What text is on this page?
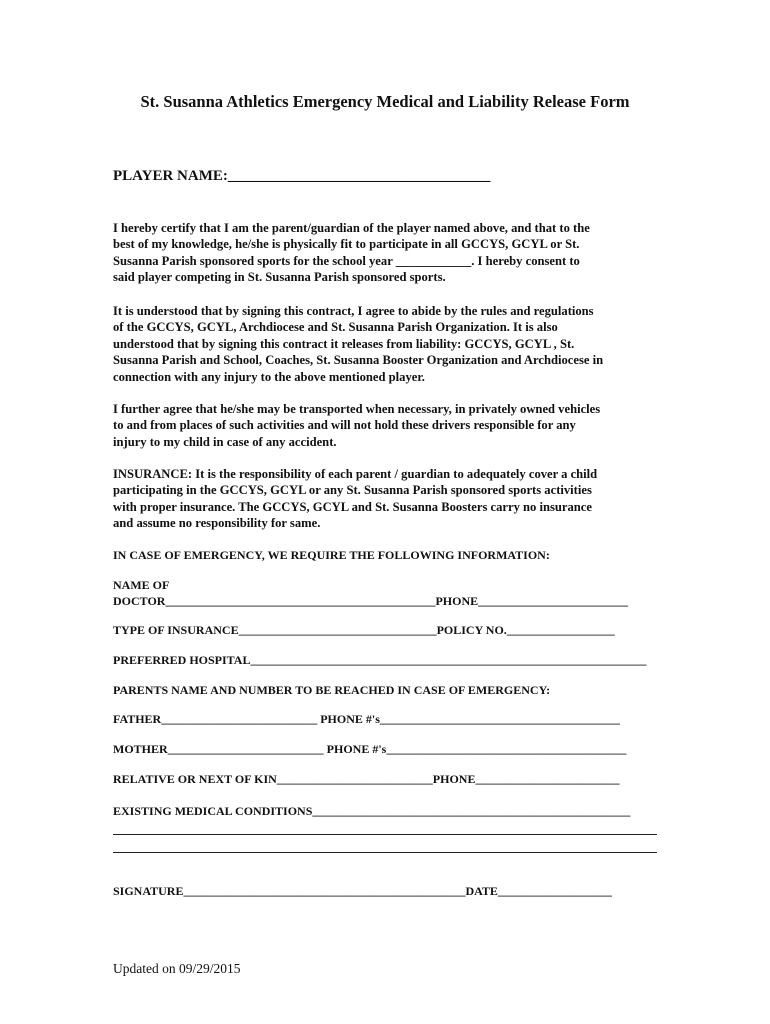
St. Susanna Athletics Emergency Medical and Liability Release Form
PLAYER NAME:___________________________________

I hereby certify that I am the parent/guardian of the player named above, and that to the
best of my knowledge, he/she is physically fit to participate in all GCCYS, GCYL or St.
Susanna Parish sponsored sports for the school year ____________. I hereby consent to
said player competing in St. Susanna Parish sponsored sports.

It is understood that by signing this contract, I agree to abide by the rules and regulations
of the GCCYS, GCYL, Archdiocese and St. Susanna Parish Organization. It is also
understood that by signing this contract it releases from liability: GCCYS, GCYL , St.
Susanna Parish and School, Coaches, St. Susanna Booster Organization and Archdiocese in
connection with any injury to the above mentioned player.

I further agree that he/she may be transported when necessary, in privately owned vehicles
to and from places of such activities and will not hold these drivers responsible for any
injury to my child in case of any accident.

INSURANCE: It is the responsibility of each parent / guardian to adequately cover a child
participating in the GCCYS, GCYL or any St. Susanna Parish sponsored sports activities
with proper insurance. The GCCYS, GCYL and St. Susanna Boosters carry no insurance
and assume no responsibility for same.

IN CASE OF EMERGENCY, WE REQUIRE THE FOLLOWING INFORMATION:
NAME OF
DOCTOR_____________________________________________PHONE_________________________
TYPE OF INSURANCE_________________________________POLICY NO.__________________
PREFERRED HOSPITAL__________________________________________________________________
PARENTS NAME AND NUMBER TO BE REACHED IN CASE OF EMERGENCY:
FATHER__________________________ PHONE #'s________________________________________
MOTHER__________________________ PHONE #'s________________________________________
RELATIVE OR NEXT OF KIN__________________________PHONE________________________
EXISTING MEDICAL CONDITIONS_____________________________________________________
SIGNATURE_______________________________________________DATE___________________
Updated on 09/29/2015
